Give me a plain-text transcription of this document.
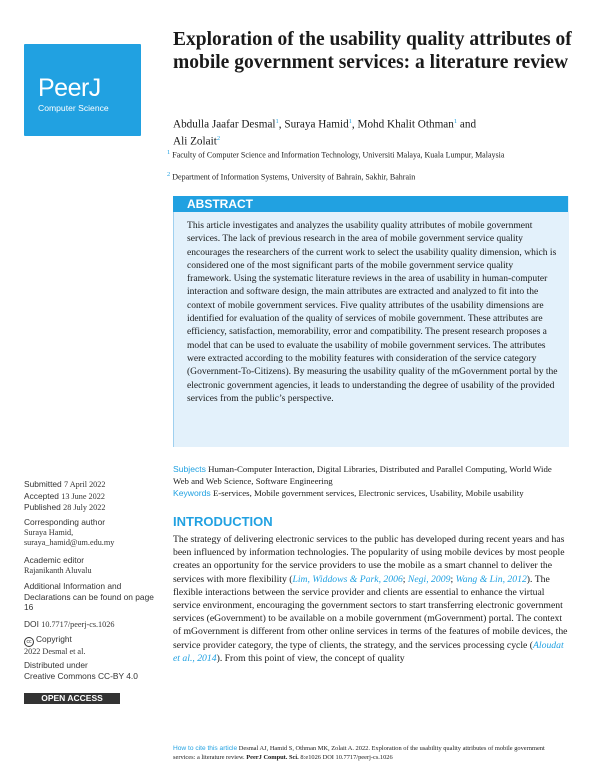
PeerJ
Computer Science
Exploration of the usability quality attributes of mobile government services: a literature review
Abdulla Jaafar Desmal$^1$, Suraya Hamid$^1$, Mohd Khalit Othman$^1$ and
Ali Zolait$^2$
$^1$ Faculty of Computer Science and Information Technology, Universiti Malaya, Kuala Lumpur, Malaysia
$^2$ Department of Information Systems, University of Bahrain, Sakhir, Bahrain
ABSTRACT

This article investigates and analyzes the usability quality attributes of mobile government services. The lack of previous research in the area of mobile government service quality encourages the researchers of the current work to select the usability quality dimension, which is considered one of the most significant parts of the mobile government service quality framework. Using the systematic literature reviews in the area of usability in human-computer interaction and software design, the main attributes are extracted and analyzed to fit into the context of mobile government services. Five quality attributes of the usability dimensions are identified for evaluation of the quality of services of mobile government. These attributes are efficiency, satisfaction, memorability, error and compatibility. The present research proposes a model that can be used to evaluate the usability of mobile government services. The attributes were extracted according to the mobility features with consideration of the service category (Government-To-Citizens). By measuring the usability quality of the mGovernment portal by the electronic government agencies, it leads to understanding the degree of usability of the provided services from the public’s perspective.

Subjects Human-Computer Interaction, Digital Libraries, Distributed and Parallel Computing, World Wide Web and Web Science, Software Engineering
Keywords E-services, Mobile government services, Electronic services, Usability, Mobile usability
Submitted 7 April 2022
Accepted 13 June 2022
Published 28 July 2022
Corresponding author
Suraya Hamid,
suraya_hamid@um.edu.my
Academic editor
Rajanikanth Aluvalu
Additional Information and Declarations can be found on page 16
DOI 10.7717/peerj-cs.1026
cc Copyright
2022 Desmal et al.
Distributed under
Creative Commons CC-BY 4.0
OPEN ACCESS
INTRODUCTION

The strategy of delivering electronic services to the public has developed during recent years and has been influenced by information technologies. The popularity of using mobile devices by most people creates an opportunity for the service providers to use the mobile as a smart channel to deliver the services with more flexibility (Lim, Widdows & Park, 2006; Negi, 2009; Wang & Lin, 2012). The flexible interactions between the service provider and clients are essential to enhance the virtual service environment, encouraging the government sectors to start transferring electronic government services (eGovernment) to be available on a mobile government (mGovernment) portal. The context of mGovernment is different from other online services in terms of the features of mobile devices, the service provider category, the type of clients, the strategy, and the services processing cycle (Aloudat et al., 2014). From this point of view, the concept of quality

How to cite this article Desmal AJ, Hamid S, Othman MK, Zolait A. 2022. Exploration of the usability quality attributes of mobile government services: a literature review. PeerJ Comput. Sci. 8:e1026 DOI 10.7717/peerj-cs.1026
